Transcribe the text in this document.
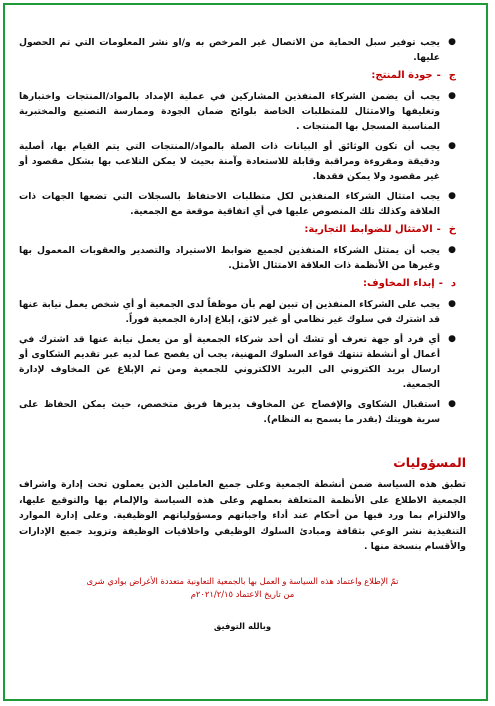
●
يجب توفير سبل الحماية من الاتصال غير المرخص به و/او نشر المعلومات التي تم الحصول عليها.
ج
-
جودة المنتج:
●
يجب أن يضمن الشركاء المنفذين المشاركين في عملية الإمداد بالمواد/المنتجات واختبارها وتغليفها والامتثال للمتطلبات الخاصة بلوائح ضمان الجودة وممارسة التصنيع والمختبرية المناسبة المسجل بها المنتجات .
●
يجب أن تكون الوثائق أو البيانات ذات الصلة بالمواد/المنتجات التي يتم القيام بها، أصلية ودقيقة ومقروءة ومراقبة وقابلة للاستعادة وآمنة بحيث لا يمكن التلاعب بها بشكل مقصود أو غير مقصود ولا يمكن فقدها.
●
يجب امتثال الشركاء المنفذين لكل متطلبات الاحتفاظ بالسجلات التي تضعها الجهات ذات العلاقة وكذلك تلك المنصوص عليها في أي اتفاقية موقعة مع الجمعية.
خ
-
الامتثال للضوابط التجارية:
●
يجب أن يمتثل الشركاء المنفذين لجميع ضوابط الاستيراد والتصدير والعقوبات المعمول بها وغيرها من الأنظمة ذات العلاقة الامتثال الأمثل.
د
-
إبداء المخاوف:
●
يجب على الشركاء المنفذين إن تبين لهم بأن موظفاً لدى الجمعية أو أي شخص يعمل نيابة عنها قد اشترك في سلوك غير نظامي أو غير لائق، إبلاغ إدارة الجمعية فوراً.
●
أي فرد أو جهة تعرف أو تشك أن أحد شركاء الجمعية أو من يعمل نيابة عنها قد اشترك في أعمال أو أنشطة تنتهك قواعد السلوك المهنية، يجب أن يفصح عما لديه عبر تقديم الشكاوى أو ارسال بريد الكتروني الى البريد الالكتروني للجمعية ومن ثم الإبلاغ عن المخاوف لإدارة الجمعية.
●
استقبال الشكاوى والإفصاح عن المخاوف يديرها فريق متخصص، حيث يمكن الحفاظ على سرية هويتك (بقدر ما يسمح به النظام).
المسؤوليات
تطبق هذه السياسة ضمن أنشطة الجمعية وعلى جميع العاملين الذين يعملون تحت إدارة واشراف الجمعية الاطلاع على الأنظمة المتعلقة بعملهم وعلى هذه السياسة والإلمام بها والتوقيع عليها، والالتزام بما ورد فيها من أحكام عند أداء واجباتهم ومسؤولياتهم الوظيفية. وعلى إدارة الموارد التنفيذية نشر الوعي بثقافة ومبادئ السلوك الوظيفي واخلاقيات الوظيفة وتزويد جميع الإدارات والأقسام بنسخة منها .
تمّ الإطلاع واعتماد هذه السياسة و العمل بها بالجمعية التعاونية متعددة الأغراض بوادي شرى
من تاريخ الاعتماد ٢٠٢١/٢/١٥م
وبالله التوفيق
